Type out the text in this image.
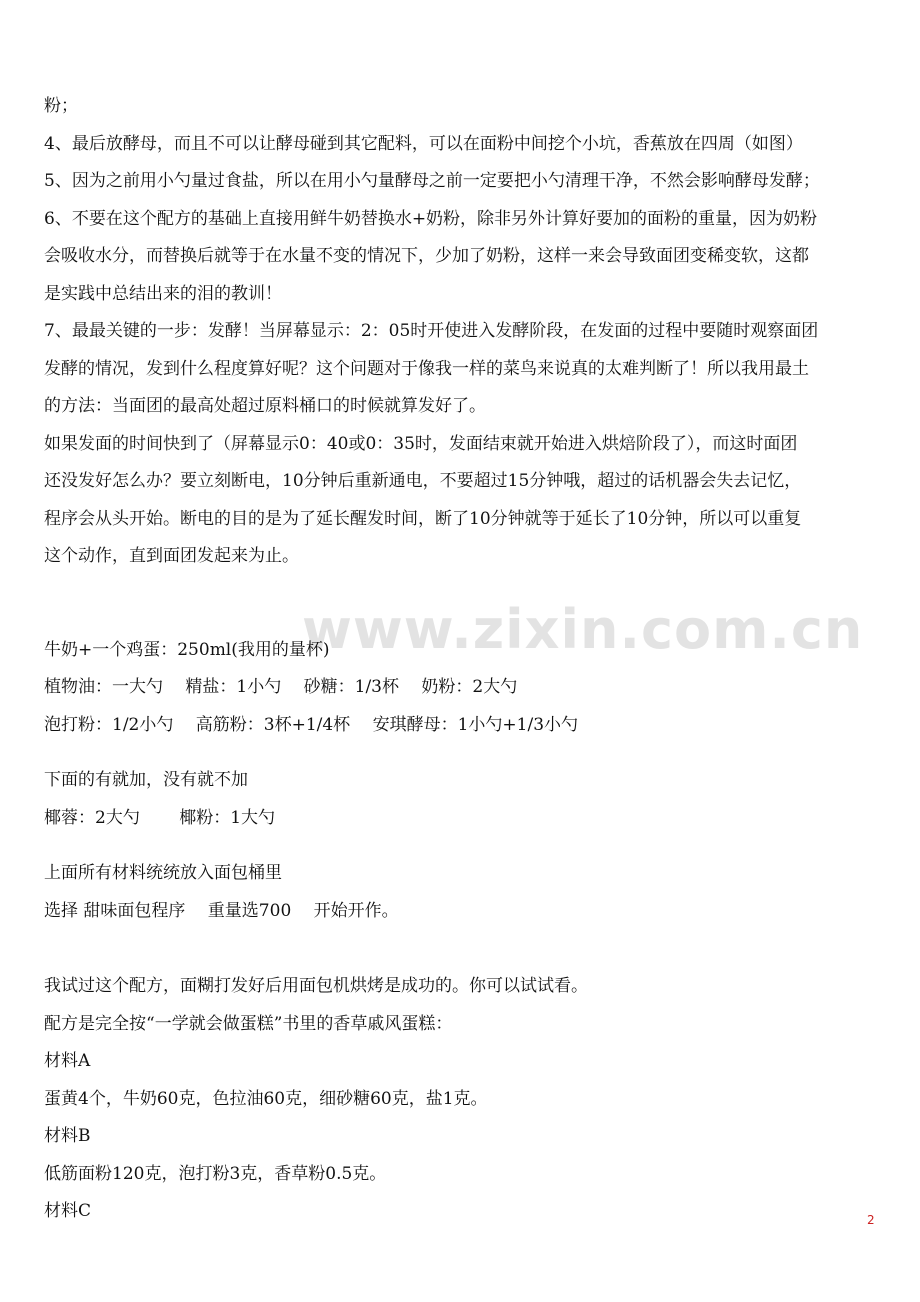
www.zixin.com.cn
粉；
4、最后放酵母，而且不可以让酵母碰到其它配料，可以在面粉中间挖个小坑，香蕉放在四周（如图）
5、因为之前用小勺量过食盐，所以在用小勺量酵母之前一定要把小勺清理干净，不然会影响酵母发酵；
6、不要在这个配方的基础上直接用鲜牛奶替换水+奶粉，除非另外计算好要加的面粉的重量，因为奶粉
会吸收水分，而替换后就等于在水量不变的情况下，少加了奶粉，这样一来会导致面团变稀变软，这都
是实践中总结出来的泪的教训！
7、最最关键的一步：发酵！当屏幕显示：2：05时开使进入发酵阶段，在发面的过程中要随时观察面团
发酵的情况，发到什么程度算好呢？这个问题对于像我一样的菜鸟来说真的太难判断了！所以我用最土
的方法：当面团的最高处超过原料桶口的时候就算发好了。
如果发面的时间快到了（屏幕显示0：40或0：35时，发面结束就开始进入烘焙阶段了），而这时面团
还没发好怎么办？要立刻断电，10分钟后重新通电，不要超过15分钟哦，超过的话机器会失去记忆，
程序会从头开始。断电的目的是为了延长醒发时间，断了10分钟就等于延长了10分钟，所以可以重复
这个动作，直到面团发起来为止。
牛奶+一个鸡蛋：250ml(我用的量杯)
植物油：一大勺　 精盐：1小勺　 砂糖：1/3杯　 奶粉：2大勺
泡打粉：1/2小勺　 高筋粉：3杯+1/4杯　 安琪酵母：1小勺+1/3小勺
下面的有就加，没有就不加
椰蓉：2大勺　　 椰粉：1大勺
上面所有材料统统放入面包桶里
选择 甜味面包程序　 重量选700　 开始开作。
我试过这个配方，面糊打发好后用面包机烘烤是成功的。你可以试试看。
配方是完全按“一学就会做蛋糕”书里的香草戚风蛋糕：
材料A
蛋黄4个，牛奶60克，色拉油60克，细砂糖60克，盐1克。
材料B
低筋面粉120克，泡打粉3克，香草粉0.5克。
材料C	2
